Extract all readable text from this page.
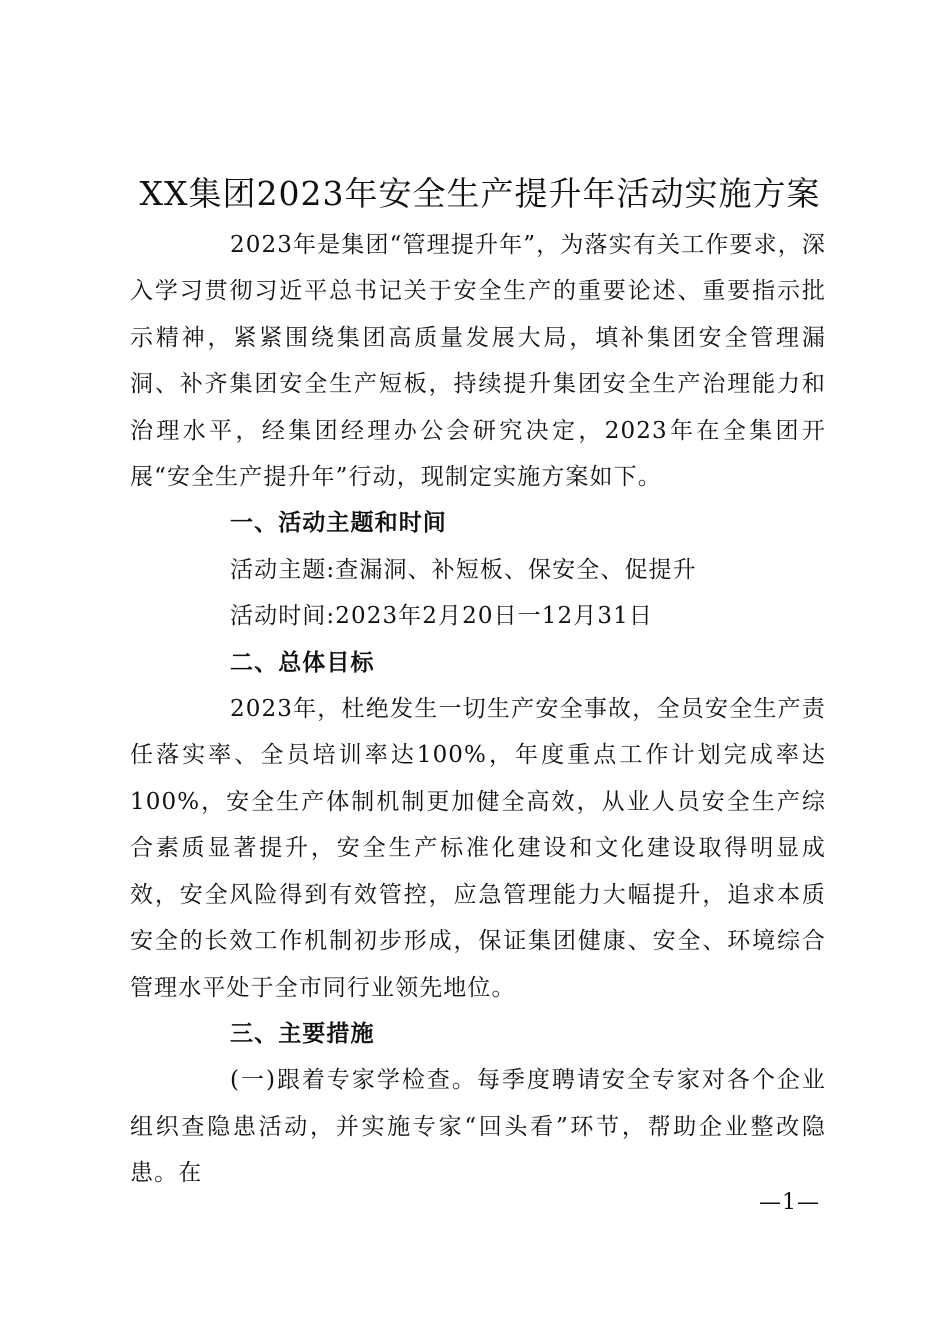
XX集团2023年安全生产提升年活动实施方案

2023年是集团“管理提升年”，为落实有关工作要求，深入学习贯彻习近平总书记关于安全生产的重要论述、重要指示批示精神，紧紧围绕集团高质量发展大局，填补集团安全管理漏洞、补齐集团安全生产短板，持续提升集团安全生产治理能力和治理水平，经集团经理办公会研究决定，2023年在全集团开展“安全生产提升年”行动，现制定实施方案如下。

一、活动主题和时间

活动主题:查漏洞、补短板、保安全、促提升

活动时间:2023年2月20日一12月31日

二、总体目标

2023年，杜绝发生一切生产安全事故，全员安全生产责任落实率、全员培训率达100%，年度重点工作计划完成率达100%，安全生产体制机制更加健全高效，从业人员安全生产综合素质显著提升，安全生产标准化建设和文化建设取得明显成效，安全风险得到有效管控，应急管理能力大幅提升，追求本质安全的长效工作机制初步形成，保证集团健康、安全、环境综合管理水平处于全市同行业领先地位。

三、主要措施

(一)跟着专家学检查。每季度聘请安全专家对各个企业组织查隐患活动，并实施专家“回头看”环节，帮助企业整改隐患。在

—1—
